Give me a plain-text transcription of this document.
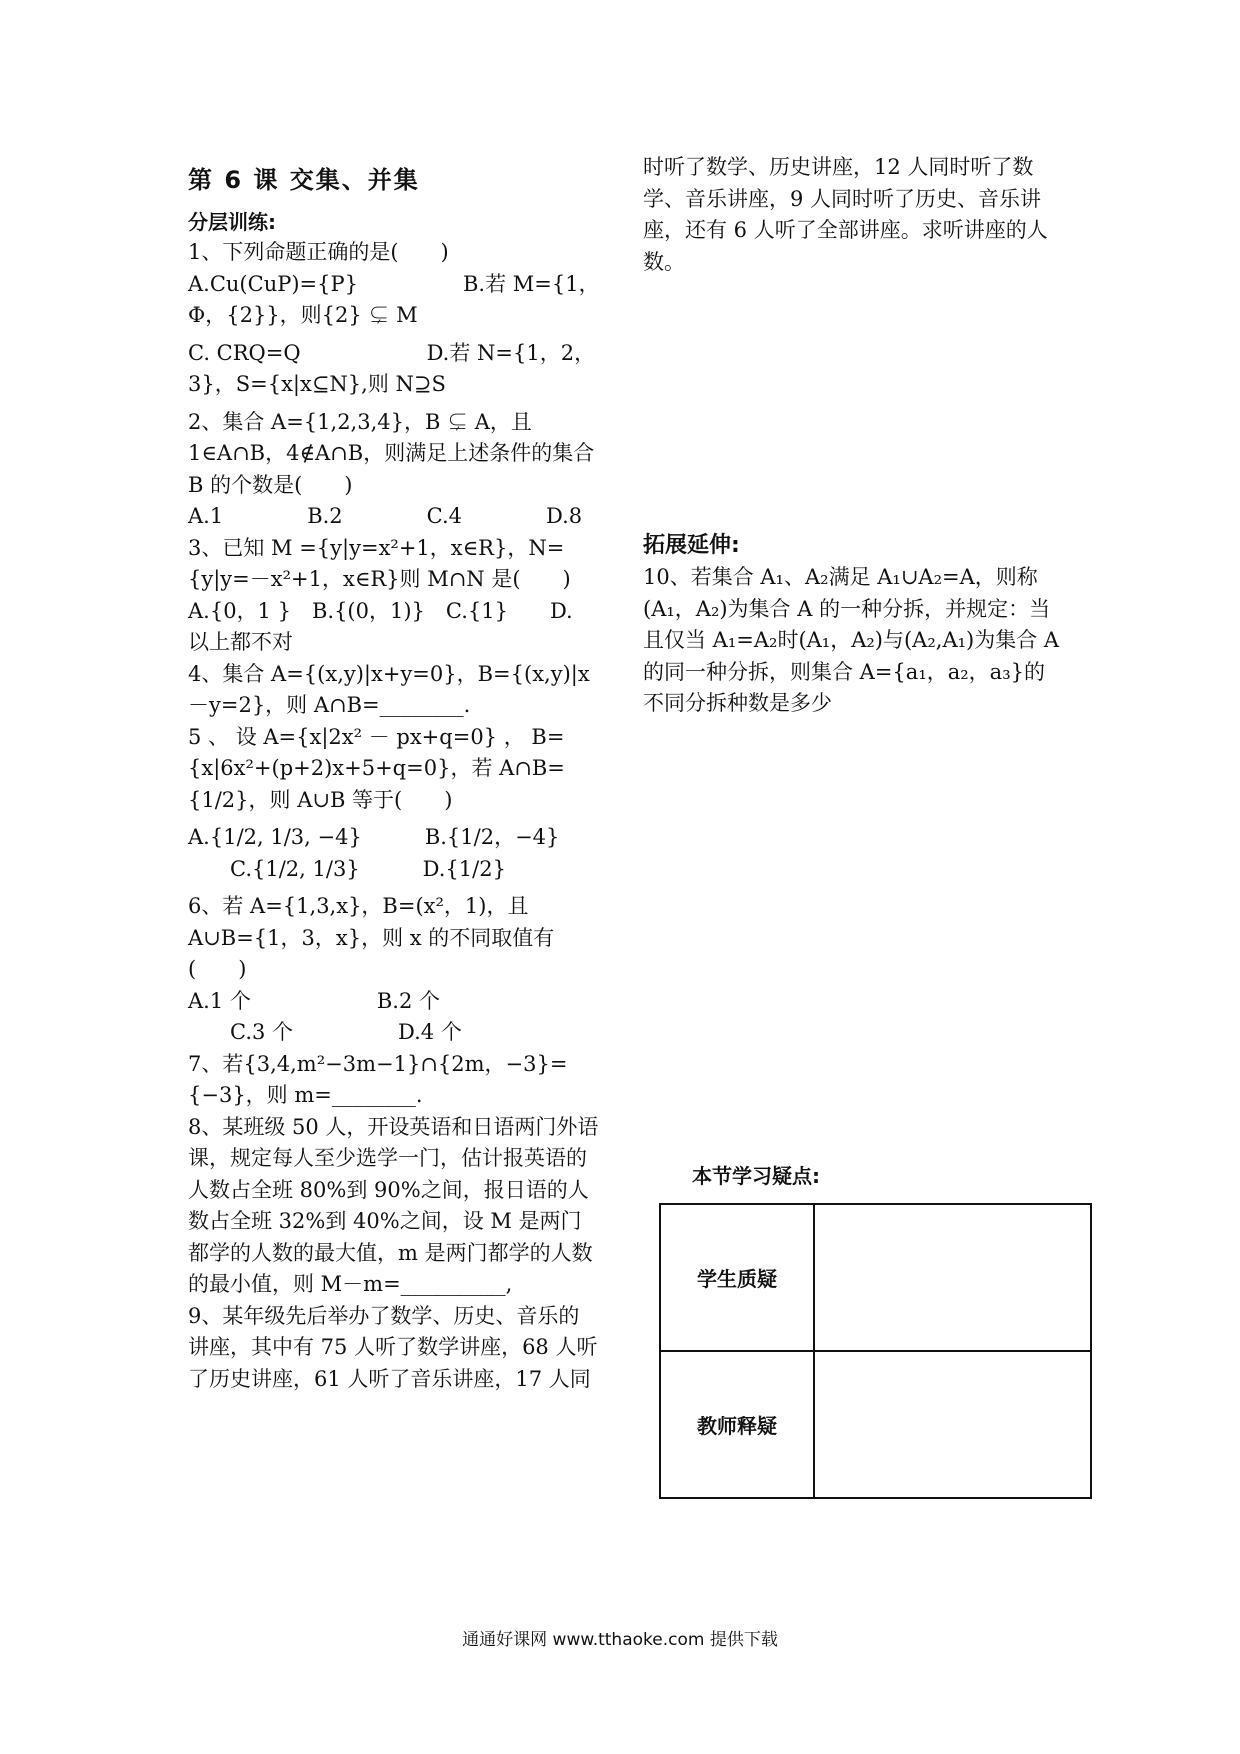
第 6 课 交集、并集
分层训练:
1、下列命题正确的是(　　)
A.Cu(CuP)={P}　　　　　B.若 M={1，Φ，{2}}，则{2} ⊊ M
C. CRQ=Q　　　　　　D.若 N={1，2，3}，S={x|x⊆N},则 N⊇S
2、集合 A={1,2,3,4}，B ⊊ A，且 1∈A∩B，4∉A∩B，则满足上述条件的集合 B 的个数是(　　)
A.1　　　　B.2　　　　C.4　　　　D.8
3、已知 M ={y|y=x²+1，x∈R}，N={y|y=－x²+1，x∈R}则 M∩N 是(　　)
A.{0，1 }　B.{(0，1)}　C.{1}　　D. 以上都不对
4、集合 A={(x,y)|x+y=0}，B={(x,y)|x－y=2}，则 A∩B=________.
5 、 设 A={x|2x² － px+q=0} ， B={x|6x²+(p+2)x+5+q=0}，若 A∩B={1/2}，则 A∪B 等于(　　)
A.{1/2, 1/3, −4}　　　B.{1/2，−4}
C.{1/2, 1/3}　　　D.{1/2}
6、若 A={1,3,x}，B=(x²，1)，且 A∪B={1，3，x}，则 x 的不同取值有(　　)
A.1 个　　　　　　B.2 个
C.3 个　　　　　D.4 个
7、若{3,4,m²−3m−1}∩{2m，−3}={−3}，则 m=________.
8、某班级 50 人，开设英语和日语两门外语课，规定每人至少选学一门，估计报英语的人数占全班 80%到 90%之间，报日语的人数占全班 32%到 40%之间，设 M 是两门都学的人数的最大值，m 是两门都学的人数的最小值，则 M－m=__________,
9、某年级先后举办了数学、历史、音乐的讲座，其中有 75 人听了数学讲座，68 人听了历史讲座，61 人听了音乐讲座，17 人同
时听了数学、历史讲座，12 人同时听了数学、音乐讲座，9 人同时听了历史、音乐讲座，还有 6 人听了全部讲座。求听讲座的人数。
拓展延伸:
10、若集合 A₁、A₂满足 A₁∪A₂=A，则称(A₁，A₂)为集合 A 的一种分拆，并规定：当且仅当 A₁=A₂时(A₁，A₂)与(A₂,A₁)为集合 A 的同一种分拆，则集合 A={a₁，a₂，a₃}的不同分拆种数是多少
本节学习疑点:
学生质疑	
教师释疑	
通通好课网 www.tthaoke.com 提供下载
